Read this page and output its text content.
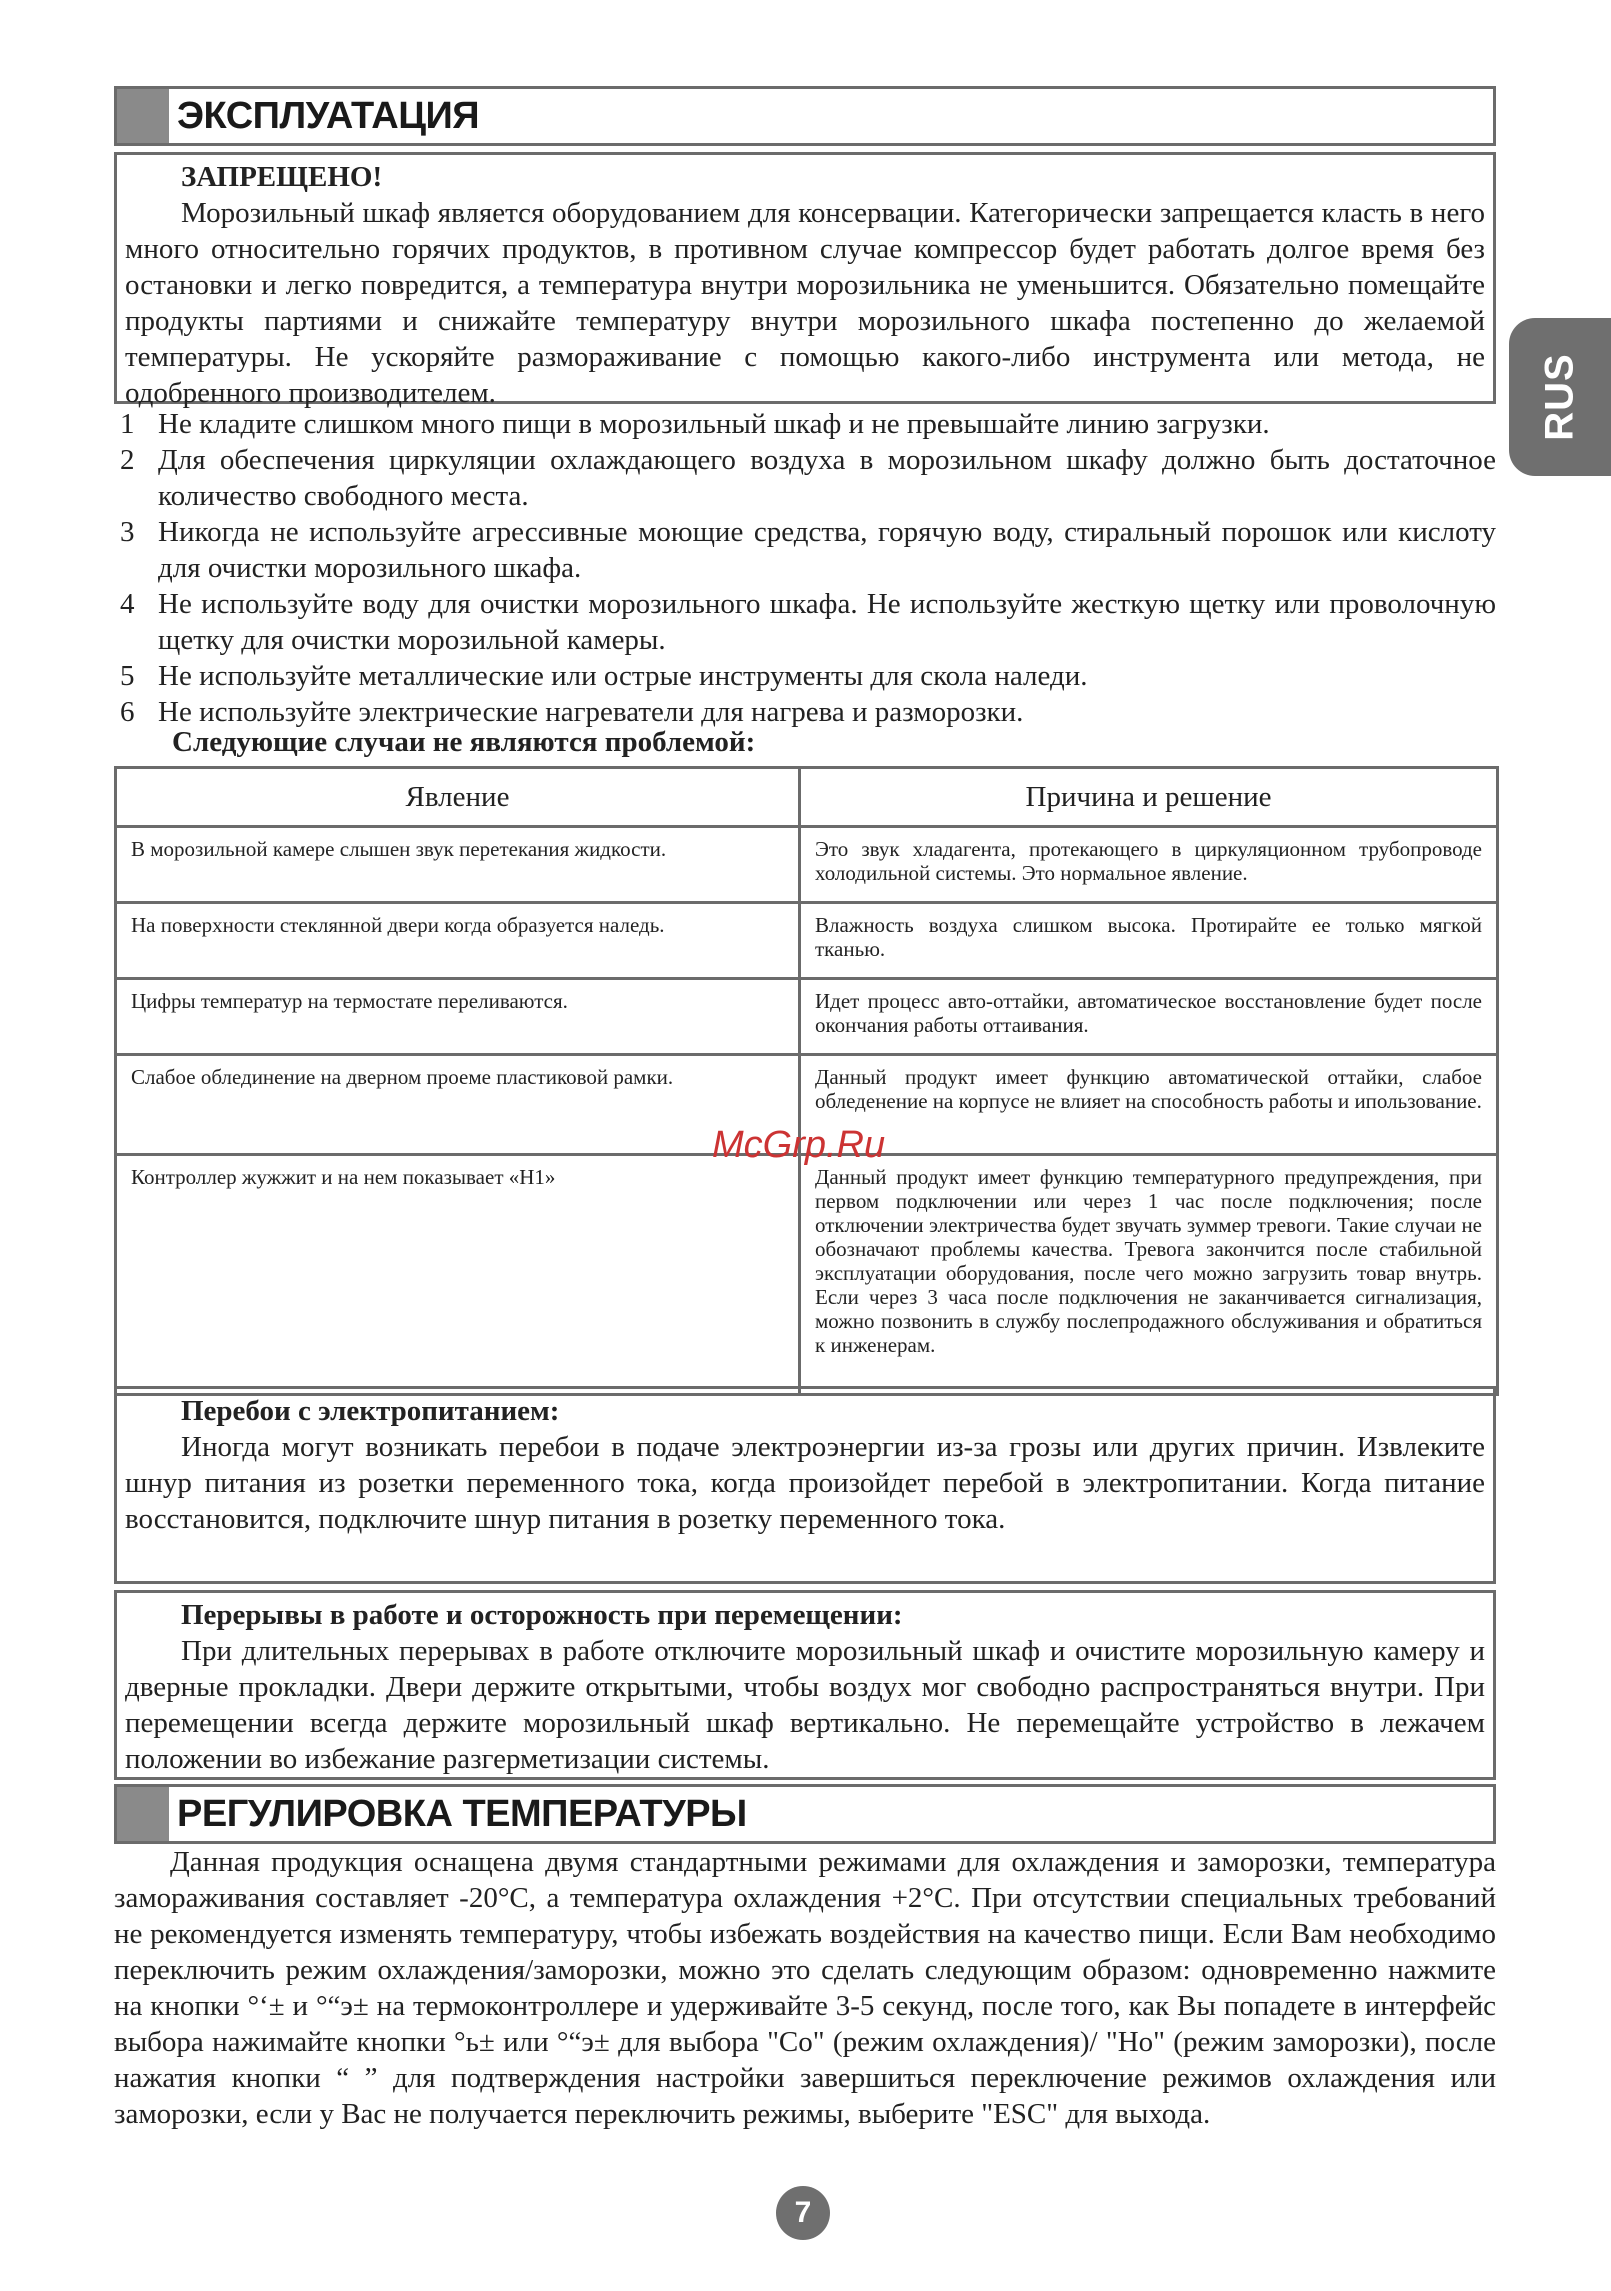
ЭКСПЛУАТАЦИЯ
RUS
ЗАПРЕЩЕНО!

Морозильный шкаф является оборудованием для консервации. Категорически запрещается класть в него много относительно горячих продуктов, в противном случае компрессор будет работать долгое время без остановки и легко повредится, а температура внутри морозильника не уменьшится. Обязательно помещайте продукты партиями и снижайте температуру внутри морозильного шкафа постепенно до желаемой температуры. Не ускоряйте размораживание с помощью какого-либо инструмента или метода, не одобренного производителем.

1 Не кладите слишком много пищи в морозильный шкаф и не превышайте линию загрузки.
2 Для обеспечения циркуляции охлаждающего воздуха в морозильном шкафу должно быть достаточное количество свободного места.
3 Никогда не используйте агрессивные моющие средства, горячую воду, стиральный порошок или кислоту для очистки морозильного шкафа.
4 Не используйте воду для очистки морозильного шкафа. Не используйте жесткую щетку или проволочную щетку для очистки морозильной камеры.
5 Не используйте металлические или острые инструменты для скола наледи.
6 Не используйте электрические нагреватели для нагрева и разморозки.
Следующие случаи не являются проблемой:
Явление	Причина и решение
В морозильной камере слышен звук перетекания жидкости.	Это звук хладагента, протекающего в циркуляционном трубопроводе холодильной системы. Это нормальное явление.
На поверхности стеклянной двери когда образуется наледь.	Влажность воздуха слишком высока. Протирайте ее только мягкой тканью.
Цифры температур на термостате переливаются.	Идет процесс авто-оттайки, автоматическое восстановление будет после окончания работы оттаивания.
Слабое облединение на дверном проеме пластиковой рамки.	Данный продукт имеет функцию автоматической оттайки, слабое обледенение на корпусе не влияет на способность работы и ипользование.
Контроллер жужжит и на нем показывает «H1»	Данный продукт имеет функцию температурного предупреждения, при первом подключении или через 1 час после подключения; после отключении электричества будет звучать зуммер тревоги. Такие случаи не обозначают проблемы качества. Тревога закончится после стабильной эксплуатации оборудования, после чего можно загрузить товар внутрь. Если через 3 часа после подключения не заканчивается сигнализация, можно позвонить в службу послепродажного обслуживания и обратиться к инженерам.
McGrp.Ru
Перебои с электропитанием:

Иногда могут возникать перебои в подаче электроэнергии из-за грозы или других причин. Извлеките шнур питания из розетки переменного тока, когда произойдет перебой в электропитании. Когда питание восстановится, подключите шнур питания в розетку переменного тока.

Перерывы в работе и осторожность при перемещении:

При длительных перерывах в работе отключите морозильный шкаф и очистите морозильную камеру и дверные прокладки. Двери держите открытыми, чтобы воздух мог свободно распространяться внутри. При перемещении всегда держите морозильный шкаф вертикально. Не перемещайте устройство в лежачем положении во избежание разгерметизации системы.

РЕГУЛИРОВКА ТЕМПЕРАТУРЫ

Данная продукция оснащена двумя стандартными режимами для охлаждения и заморозки, температура замораживания составляет -20°C, а температура охлаждения +2°C. При отсутствии специальных требований не рекомендуется изменять температуру, чтобы избежать воздействия на качество пищи. Если Вам необходимо переключить режим охлаждения/заморозки, можно это сделать следующим образом: одновременно нажмите на кнопки °‘± и °“э± на термоконтроллере и удерживайте 3-5 секунд, после того, как Вы попадете в интерфейс выбора нажимайте кнопки °ь± или °“э± для выбора "Co" (режим охлаждения)/ "Ho" (режим заморозки), после нажатия кнопки “ ” для подтверждения настройки завершиться переключение режимов охлаждения или заморозки, если у Вас не получается переключить режимы, выберите "ESC" для выхода.

7
